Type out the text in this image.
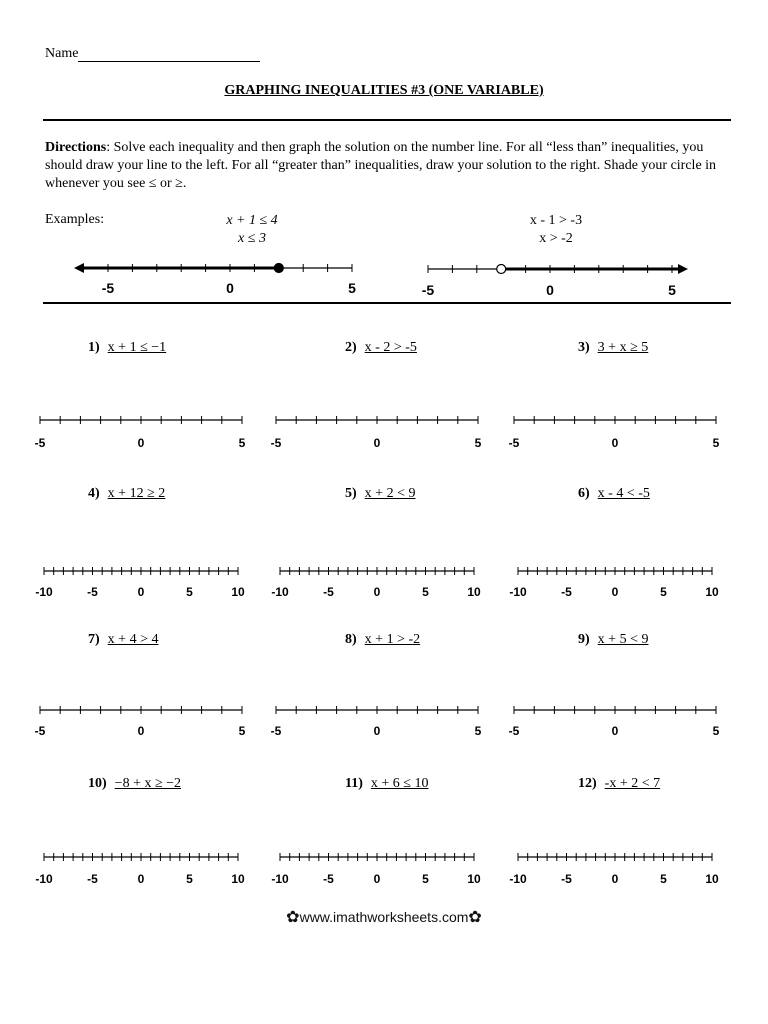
Name
GRAPHING INEQUALITIES #3 (ONE VARIABLE)
Directions: Solve each inequality and then graph the solution on the number line. For all “less than” inequalities, you should draw your line to the left. For all “greater than” inequalities, draw your solution to the right. Shade your circle in whenever you see ≤ or ≥.
Examples:	x + 1 ≤ 4
x ≤ 3
x - 1 > -3
x > -2
-5	0	5	-5	0	5
1) x + 1 ≤ −1
-5	0	5
2) x - 2 > -5
-5	0	5
3) 3 + x ≥ 5
-5	0	5
4) x + 12 ≥ 2
-10	-5	0	5	10
5) x + 2 < 9
-10	-5	0	5	10
6) x - 4 < -5
-10	-5	0	5	10
7) x + 4 > 4
-5	0	5
8) x + 1 > -2
-5	0	5
9) x + 5 < 9
-5	0	5
10) −8 + x ≥ −2
-10	-5	0	5	10
11) x + 6 ≤ 10
-10	-5	0	5	10
12) -x + 2 < 7
-10	-5	0	5	10
✿www.imathworksheets.com✿
